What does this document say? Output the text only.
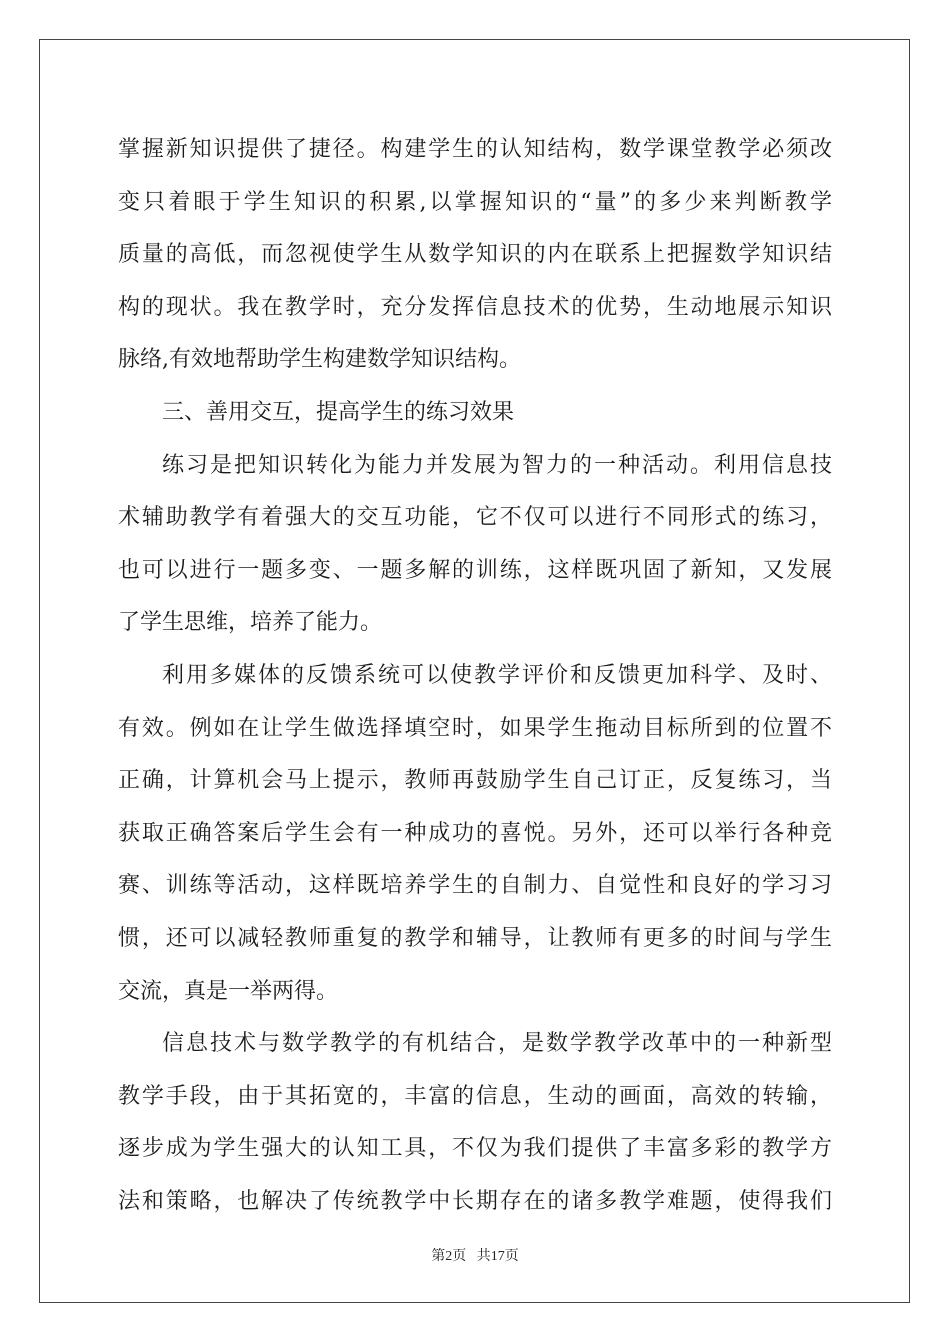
掌握新知识提供了捷径。构建学生的认知结构，数学课堂教学必须改
变只着眼于学生知识的积累,以掌握知识的“量”的多少来判断教学
质量的高低，而忽视使学生从数学知识的内在联系上把握数学知识结
构的现状。我在教学时，充分发挥信息技术的优势，生动地展示知识
脉络,有效地帮助学生构建数学知识结构。
三、善用交互，提高学生的练习效果
练习是把知识转化为能力并发展为智力的一种活动。利用信息技
术辅助教学有着强大的交互功能，它不仅可以进行不同形式的练习，
也可以进行一题多变、一题多解的训练，这样既巩固了新知，又发展
了学生思维，培养了能力。
利用多媒体的反馈系统可以使教学评价和反馈更加科学、及时、
有效。例如在让学生做选择填空时，如果学生拖动目标所到的位置不
正确，计算机会马上提示，教师再鼓励学生自己订正，反复练习，当
获取正确答案后学生会有一种成功的喜悦。另外，还可以举行各种竞
赛、训练等活动，这样既培养学生的自制力、自觉性和良好的学习习
惯，还可以减轻教师重复的教学和辅导，让教师有更多的时间与学生
交流，真是一举两得。
信息技术与数学教学的有机结合，是数学教学改革中的一种新型
教学手段，由于其拓宽的，丰富的信息，生动的画面，高效的转输，
逐步成为学生强大的认知工具，不仅为我们提供了丰富多彩的教学方
法和策略，也解决了传统教学中长期存在的诸多教学难题，使得我们
第2页 共17页
